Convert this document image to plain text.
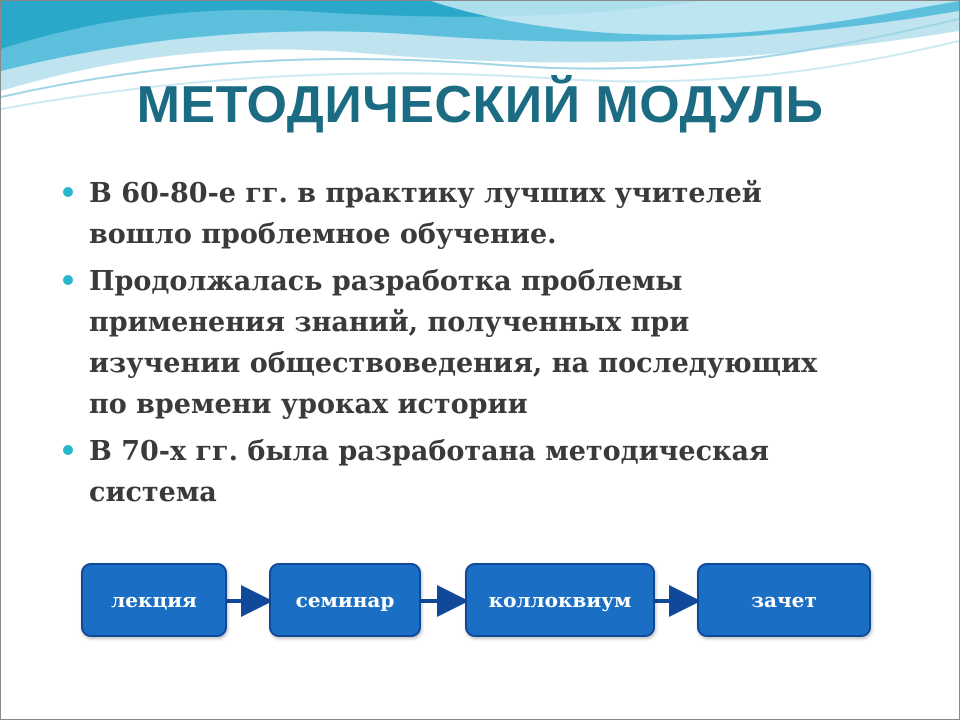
МЕТОДИЧЕСКИЙ МОДУЛЬ
В 60-80-е гг. в практику лучших учителей
вошло проблемное обучение.
Продолжалась разработка проблемы
применения знаний, полученных при
изучении обществоведения, на последующих
по времени уроках истории
В 70-х гг. была разработана методическая
система
лекция	семинар	коллоквиум	зачет
